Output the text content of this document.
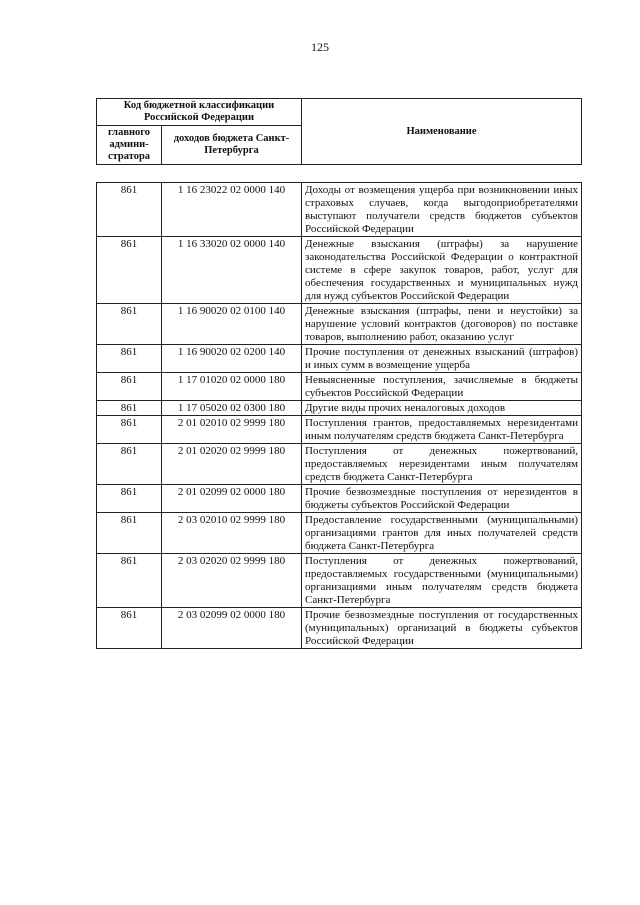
125
Код бюджетной классификации Российской Федерации		Наименование
главного админи-стратора	доходов бюджета Санкт-Петербурга	
861	1 16 23022 02 0000 140	Доходы от возмещения ущерба при возникновении иных страховых случаев, когда выгодоприобретателями выступают получатели средств бюджетов субъектов Российской Федерации
861	1 16 33020 02 0000 140	Денежные взыскания (штрафы) за нарушение законодательства Российской Федерации о контрактной системе в сфере закупок товаров, работ, услуг для обеспечения государственных и муниципальных нужд для нужд субъектов Российской Федерации
861	1 16 90020 02 0100 140	Денежные взыскания (штрафы, пени и неустойки) за нарушение условий контрактов (договоров) по поставке товаров, выполнению работ, оказанию услуг
861	1 16 90020 02 0200 140	Прочие поступления от денежных взысканий (штрафов) и иных сумм в возмещение ущерба
861	1 17 01020 02 0000 180	Невыясненные поступления, зачисляемые в бюджеты субъектов Российской Федерации
861	1 17 05020 02 0300 180	Другие виды прочих неналоговых доходов
861	2 01 02010 02 9999 180	Поступления грантов, предоставляемых нерезидентами иным получателям средств бюджета Санкт-Петербурга
861	2 01 02020 02 9999 180	Поступления от денежных пожертвований, предоставляемых нерезидентами иным получателям средств бюджета Санкт-Петербурга
861	2 01 02099 02 0000 180	Прочие безвозмездные поступления от нерезидентов в бюджеты субъектов Российской Федерации
861	2 03 02010 02 9999 180	Предоставление государственными (муниципальными) организациями грантов для иных получателей средств бюджета Санкт-Петербурга
861	2 03 02020 02 9999 180	Поступления от денежных пожертвований, предоставляемых государственными (муниципальными) организациями иным получателям средств бюджета Санкт-Петербурга
861	2 03 02099 02 0000 180	Прочие безвозмездные поступления от государственных (муниципальных) организаций в бюджеты субъектов Российской Федерации
